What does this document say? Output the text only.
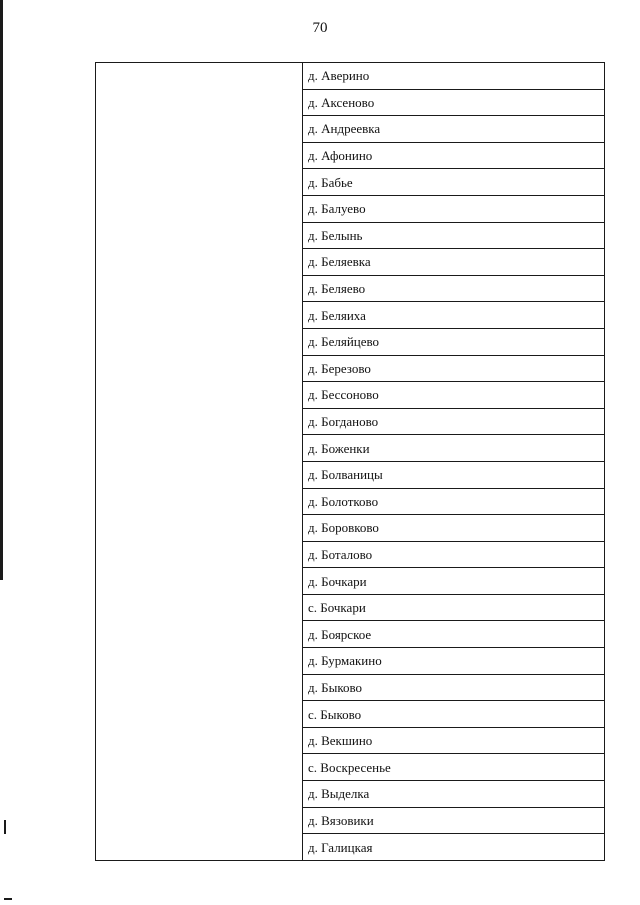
70
	д. Аверино
д. Аксеново
д. Андреевка
д. Афонино
д. Бабье
д. Балуево
д. Белынь
д. Беляевка
д. Беляево
д. Беляиха
д. Беляйцево
д. Березово
д. Бессоново
д. Богданово
д. Боженки
д. Болваницы
д. Болотково
д. Боровково
д. Боталово
д. Бочкари
с. Бочкари
д. Боярское
д. Бурмакино
д. Быково
с. Быково
д. Векшино
с. Воскресенье
д. Выделка
д. Вязовики
д. Галицкая
